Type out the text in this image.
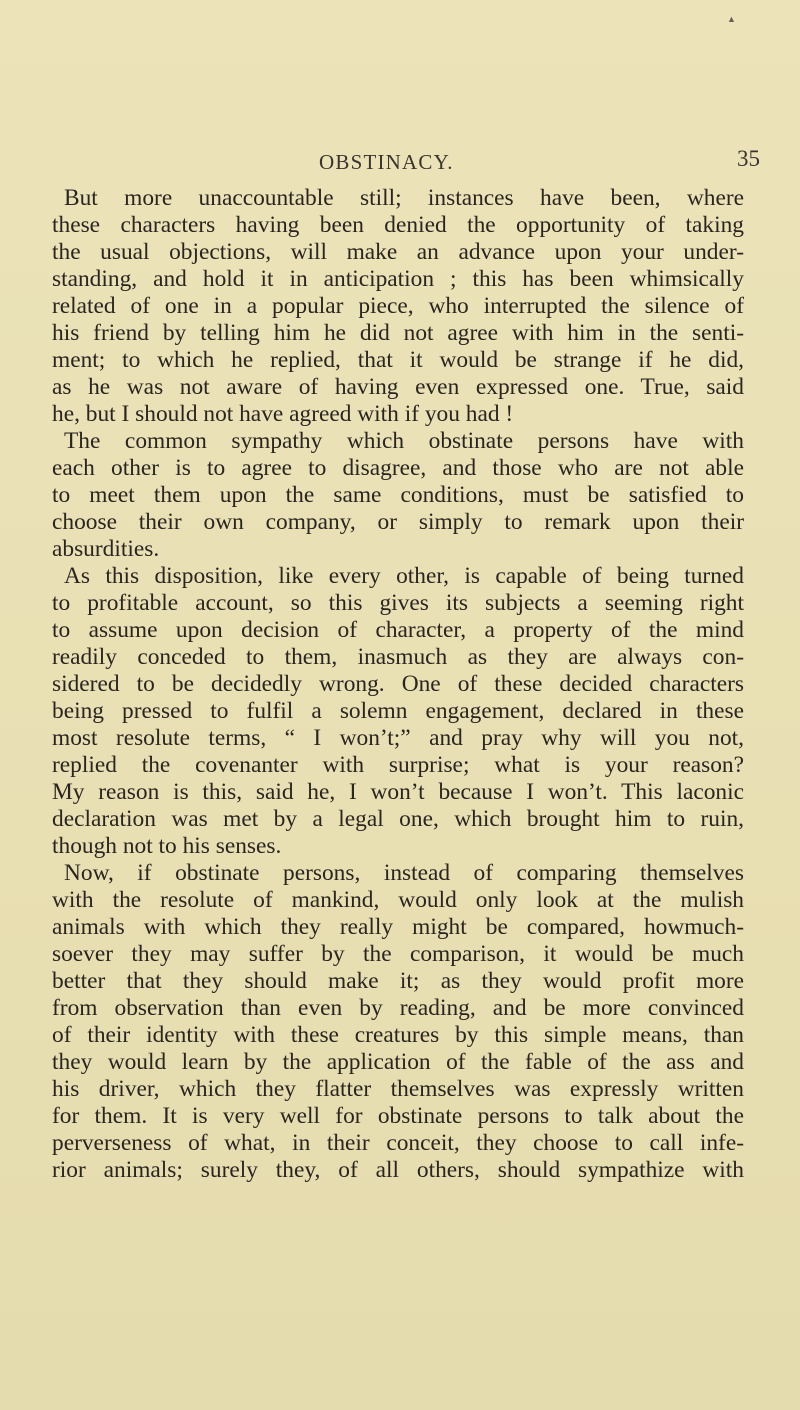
▲
OBSTINACY.	35
But more unaccountable still; instances have been, where
these characters having been denied the opportunity of taking
the usual objections, will make an advance upon your under-
standing, and hold it in anticipation ; this has been whimsically
related of one in a popular piece, who interrupted the silence of
his friend by telling him he did not agree with him in the senti-
ment; to which he replied, that it would be strange if he did,
as he was not aware of having even expressed one. True, said
he, but I should not have agreed with if you had !
The common sympathy which obstinate persons have with
each other is to agree to disagree, and those who are not able
to meet them upon the same conditions, must be satisfied to
choose their own company, or simply to remark upon their
absurdities.
As this disposition, like every other, is capable of being turned
to profitable account, so this gives its subjects a seeming right
to assume upon decision of character, a property of the mind
readily conceded to them, inasmuch as they are always con-
sidered to be decidedly wrong. One of these decided characters
being pressed to fulfil a solemn engagement, declared in these
most resolute terms, “ I won’t;” and pray why will you not,
replied the covenanter with surprise; what is your reason?
My reason is this, said he, I won’t because I won’t. This laconic
declaration was met by a legal one, which brought him to ruin,
though not to his senses.
Now, if obstinate persons, instead of comparing themselves
with the resolute of mankind, would only look at the mulish
animals with which they really might be compared, howmuch-
soever they may suffer by the comparison, it would be much
better that they should make it; as they would profit more
from observation than even by reading, and be more convinced
of their identity with these creatures by this simple means, than
they would learn by the application of the fable of the ass and
his driver, which they flatter themselves was expressly written
for them. It is very well for obstinate persons to talk about the
perverseness of what, in their conceit, they choose to call infe-
rior animals; surely they, of all others, should sympathize with
